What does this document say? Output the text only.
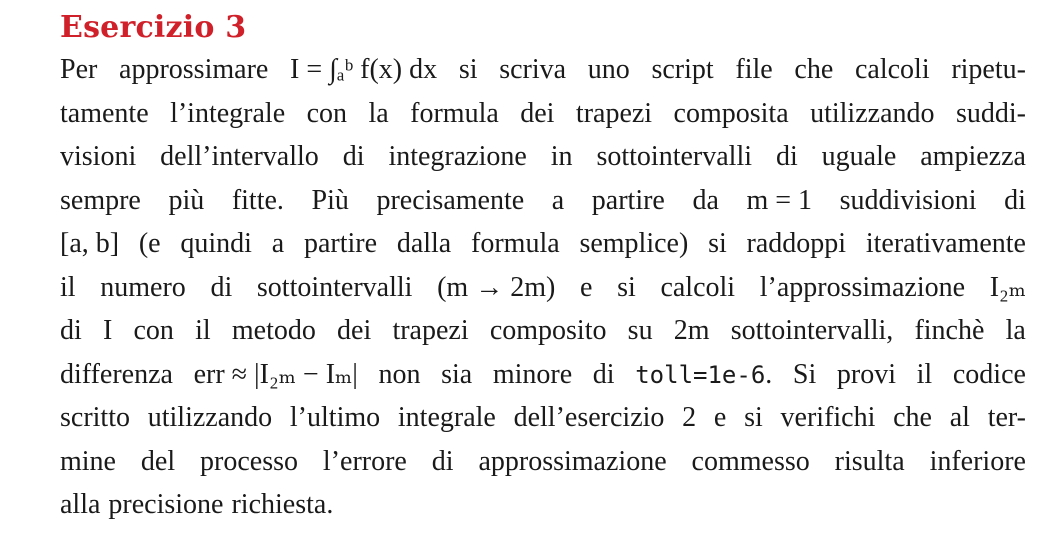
Esercizio 3
Per approssimare I = ∫ₐᵇ f(x) dx si scriva uno script file che calcoli ripetu-
tamente l’integrale con la formula dei trapezi composita utilizzando suddi-
visioni dell’intervallo di integrazione in sottointervalli di uguale ampiezza
sempre più fitte. Più precisamente a partire da m = 1 suddivisioni di
[a, b] (e quindi a partire dalla formula semplice) si raddoppi iterativamente
il numero di sottointervalli (m → 2m) e si calcoli l’approssimazione I₂ₘ
di I con il metodo dei trapezi composito su 2m sottointervalli, finchè la
differenza err ≈ |I₂ₘ − Iₘ| non sia minore di toll=1e-6. Si provi il codice
scritto utilizzando l’ultimo integrale dell’esercizio 2 e si verifichi che al ter-
mine del processo l’errore di approssimazione commesso risulta inferiore
alla precisione richiesta.
